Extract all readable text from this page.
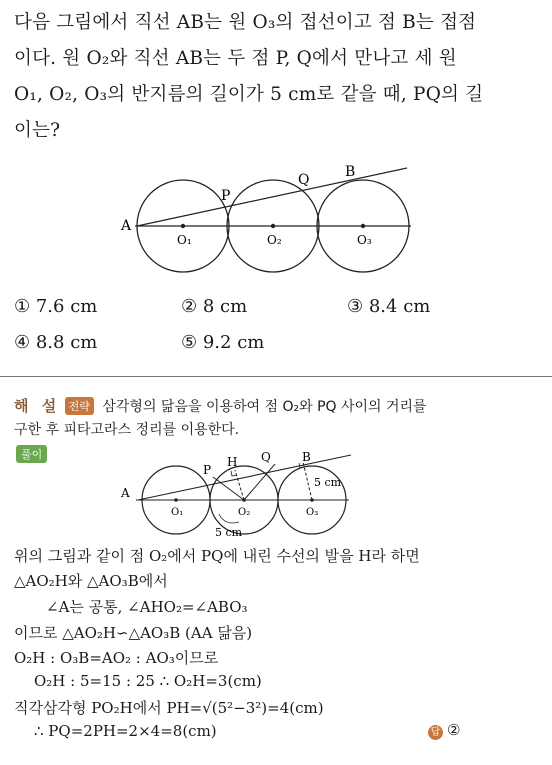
다음 그림에서 직선 AB는 원 O₃의 접선이고 점 B는 접점
이다. 원 O₂와 직선 AB는 두 점 P, Q에서 만나고 세 원
O₁, O₂, O₃의 반지름의 길이가 5 cm로 같을 때, PQ의 길
이는?
A
P
Q	B
O₁	O₂	O₃
① 7.6 cm	② 8 cm	③ 8.4 cm
④ 8.8 cm	⑤ 9.2 cm
해 설 전략 삼각형의 닮음을 이용하여 점 O₂와 PQ 사이의 거리를
구한 후 피타고라스 정리를 이용한다.
풀이
A
P
H Q	B
5 cm
5 cm
O₁	O₂	O₃
위의 그림과 같이 점 O₂에서 PQ에 내린 수선의 발을 H라 하면
△AO₂H와 △AO₃B에서
∠A는 공통, ∠AHO₂=∠ABO₃
이므로 △AO₂H∽△AO₃B (AA 닮음)
O₂H : O₃B=AO₂ : AO₃이므로
O₂H : 5=15 : 25 ∴ O₂H=3(cm)
직각삼각형 PO₂H에서 PH=√(5²−3²)=4(cm)
∴ PQ=2PH=2×4=8(cm)	답 ②
